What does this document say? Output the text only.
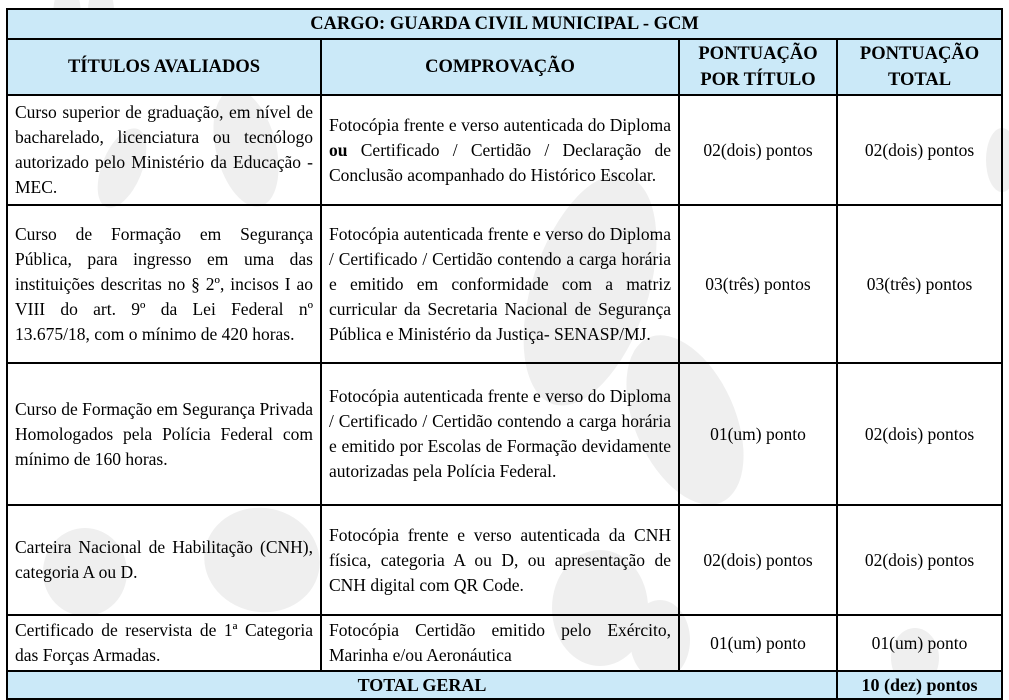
CARGO: GUARDA CIVIL MUNICIPAL - GCM			
TÍTULOS AVALIADOS	COMPROVAÇÃO	PONTUAÇÃO POR TÍTULO	PONTUAÇÃO TOTAL
Curso superior de graduação, em nível de bacharelado, licenciatura ou tecnólogo autorizado pelo Ministério da Educação - MEC.	Fotocópia frente e verso autenticada do Diploma ou Certificado / Certidão / Declaração de Conclusão acompanhado do Histórico Escolar.	02(dois) pontos	02(dois) pontos
Curso de Formação em Segurança Pública, para ingresso em uma das instituições descritas no § 2º, incisos I ao VIII do art. 9º da Lei Federal nº 13.675/18, com o mínimo de 420 horas.	Fotocópia autenticada frente e verso do Diploma / Certificado / Certidão contendo a carga horária e emitido em conformidade com a matriz curricular da Secretaria Nacional de Segurança Pública e Ministério da Justiça- SENASP/MJ.	03(três) pontos	03(três) pontos
Curso de Formação em Segurança Privada Homologados pela Polícia Federal com mínimo de 160 horas.	Fotocópia autenticada frente e verso do Diploma / Certificado / Certidão contendo a carga horária e emitido por Escolas de Formação devidamente autorizadas pela Polícia Federal.	01(um) ponto	02(dois) pontos
Carteira Nacional de Habilitação (CNH), categoria A ou D.	Fotocópia frente e verso autenticada da CNH física, categoria A ou D, ou apresentação de CNH digital com QR Code.	02(dois) pontos	02(dois) pontos
Certificado de reservista de 1ª Categoria das Forças Armadas.	Fotocópia Certidão emitido pelo Exército, Marinha e/ou Aeronáutica	01(um) ponto	01(um) ponto
TOTAL GERAL			10 (dez) pontos
